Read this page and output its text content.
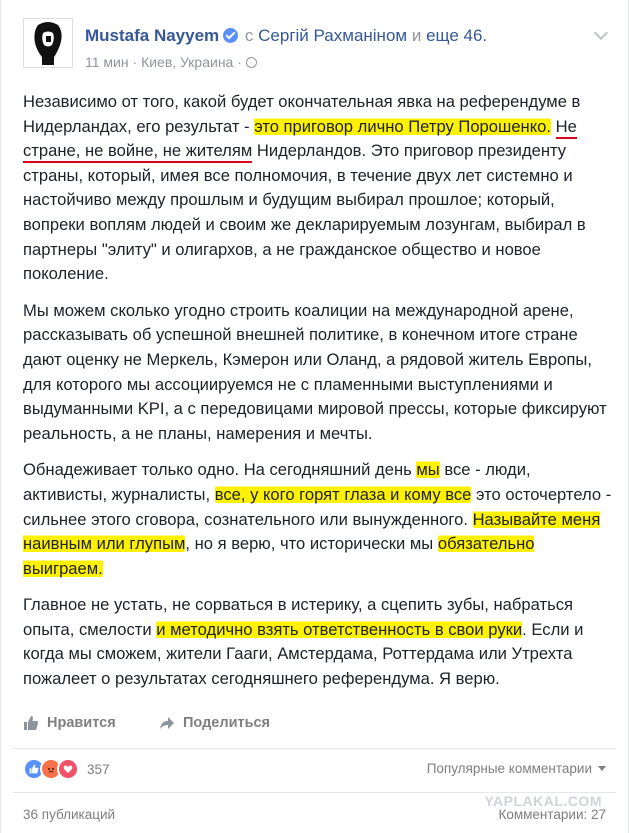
Mustafa Nayyem с Сергій Рахманіном и еще 46.
11 мин · Киев, Украина ·

Независимо от того, какой будет окончательная явка на референдуме в Нидерландах, его результат - это приговор лично Петру Порошенко. Не стране, не войне, не жителям Нидерландов. Это приговор президенту страны, который, имея все полномочия, в течение двух лет системно и настойчиво между прошлым и будущим выбирал прошлое; который, вопреки воплям людей и своим же декларируемым лозунгам, выбирал в партнеры "элиту" и олигархов, а не гражданское общество и новое поколение.

Мы можем сколько угодно строить коалиции на международной арене, рассказывать об успешной внешней политике, в конечном итоге стране дают оценку не Меркель, Кэмерон или Оланд, а рядовой житель Европы, для которого мы ассоциируемся не с пламенными выступлениями и выдуманными KPI, а с передовицами мировой прессы, которые фиксируют реальность, а не планы, намерения и мечты.

Обнадеживает только одно. На сегодняшний день мы все - люди, активисты, журналисты, все, у кого горят глаза и кому все это осточертело - сильнее этого сговора, сознательного или вынужденного. Называйте меня наивным или глупым, но я верю, что исторически мы обязательно выиграем.

Главное не устать, не сорваться в истерику, а сцепить зубы, набраться опыта, смелости и методично взять ответственность в свои руки. Если и когда мы сможем, жители Гааги, Амстердама, Роттердама или Утрехта пожалеет о результатах сегодняшнего референдума. Я верю.

Нравится	Поделиться
357	Популярные комментарии
YAPLAKAL.COM
36 публикаций	Комментарии: 27
